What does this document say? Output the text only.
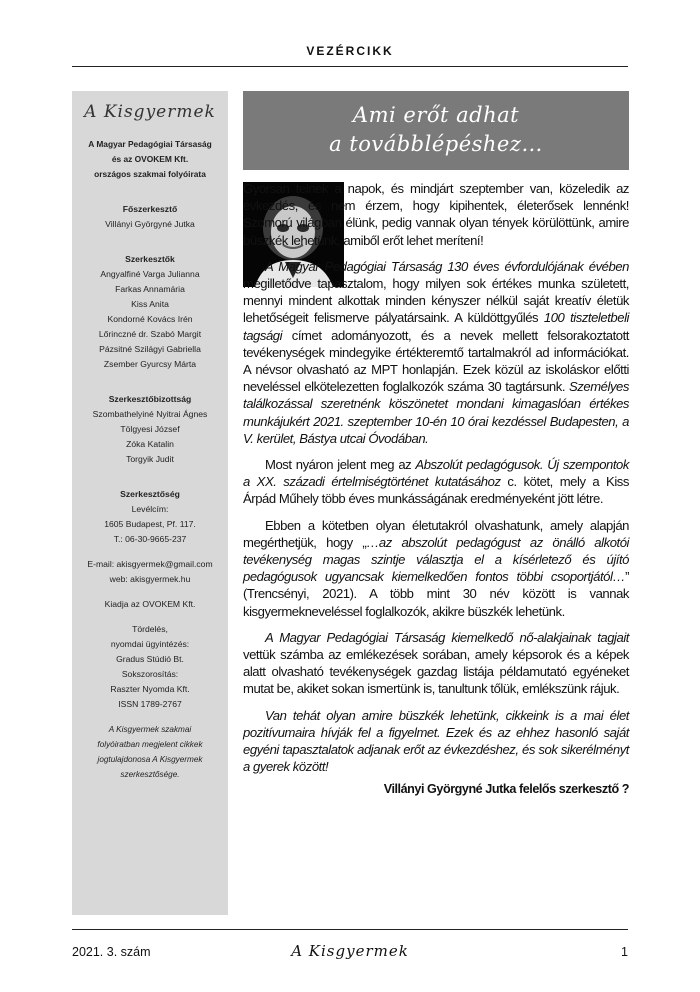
VEZÉRCIKK
A Kisgyermek
A Magyar Pedagógiai Társaság
és az OVOKEM Kft.
országos szakmai folyóirata
Főszerkesztő
Villányi Györgyné Jutka
Szerkesztők
Angyalfiné Varga Julianna
Farkas Annamária
Kiss Anita
Kondorné Kovács Irén
Lőrinczné dr. Szabó Margit
Pázsitné Szilágyi Gabriella
Zsember Gyurcsy Márta
Szerkesztőbizottság
Szombathelyiné Nyitrai Ágnes
Tölgyesi József
Zóka Katalin
Torgyik Judit
Szerkesztőség
Levélcím:
1605 Budapest, Pf. 117.
T.: 06-30-9665-237
E-mail: akisgyermek@gmail.com
web: akisgyermek.hu
Kiadja az OVOKEM Kft.
Tördelés,
nyomdai ügyintézés:
Gradus Stúdió Bt.
Sokszorosítás:
Raszter Nyomda Kft.
ISSN 1789-2767
A Kisgyermek szakmai
folyóiratban megjelent cikkek
jogtulajdonosa A Kisgyermek
szerkesztősége.
Ami erőt adhat
a továbblépéshez…

Gyorsan telnek a napok, és mindjárt szeptember van, közeledik az évkezdés, és nem érzem, hogy kipihentek, életerősek lennénk! Szomorú világban élünk, pedig vannak olyan tények körülöttünk, amire büszkék lehetünk, amiből erőt lehet merítení!

A Magyar Pedagógiai Társaság 130 éves évfordulójának évében megilletődve tapasztalom, hogy milyen sok értékes munka született, mennyi mindent alkottak minden kényszer nélkül saját kreatív életük lehetőségeit felismerve pályatársaink. A küldöttgyűlés 100 tiszteletbeli tagsági címet adományozott, és a nevek mellett felsorakoztatott tevékenységek mindegyike értékteremtő tartalmakról ad információkat. A névsor olvasható az MPT honlapján. Ezek közül az iskoláskor előtti neveléssel elkötelezetten foglalkozók száma 30 tagtársunk. Személyes találkozással szeretnénk köszönetet mondani kimagaslóan értékes munkájukért 2021. szeptember 10-én 10 órai kezdéssel Budapesten, a V. kerület, Bástya utcai Óvodában.

Most nyáron jelent meg az Abszolút pedagógusok. Új szempontok a XX. századi értelmiségtörténet kutatásához c. kötet, mely a Kiss Árpád Műhely több éves munkásságának eredményeként jött létre.

Ebben a kötetben olyan életutakról olvashatunk, amely alapján megérthetjük, hogy „…az abszolút pedagógust az önálló alkotói tevékenység magas szintje választja el a kísérletező és újító pedagógusok ugyancsak kiemelkedően fontos többi csoportjától…” (Trencsényi, 2021). A több mint 30 név között is vannak kisgyermekneveléssel foglalkozók, akikre büszkék lehetünk.

A Magyar Pedagógiai Társaság kiemelkedő nő-alakjainak tagjait vettük számba az emlékezések sorában, amely képsorok és a képek alatt olvasható tevékenységek gazdag listája példamutató egyéneket mutat be, akiket sokan ismertünk is, tanultunk tőlük, emlékszünk rájuk.

Van tehát olyan amire büszkék lehetünk, cikkeink is a mai élet pozitívumaira hívják fel a figyelmet. Ezek és az ehhez hasonló saját egyéni tapasztalatok adjanak erőt az évkezdéshez, és sok sikerélményt a gyerek között!

Villányi Györgyné Jutka felelős szerkesztő ?
2021. 3. szám	A Kisgyermek	1
